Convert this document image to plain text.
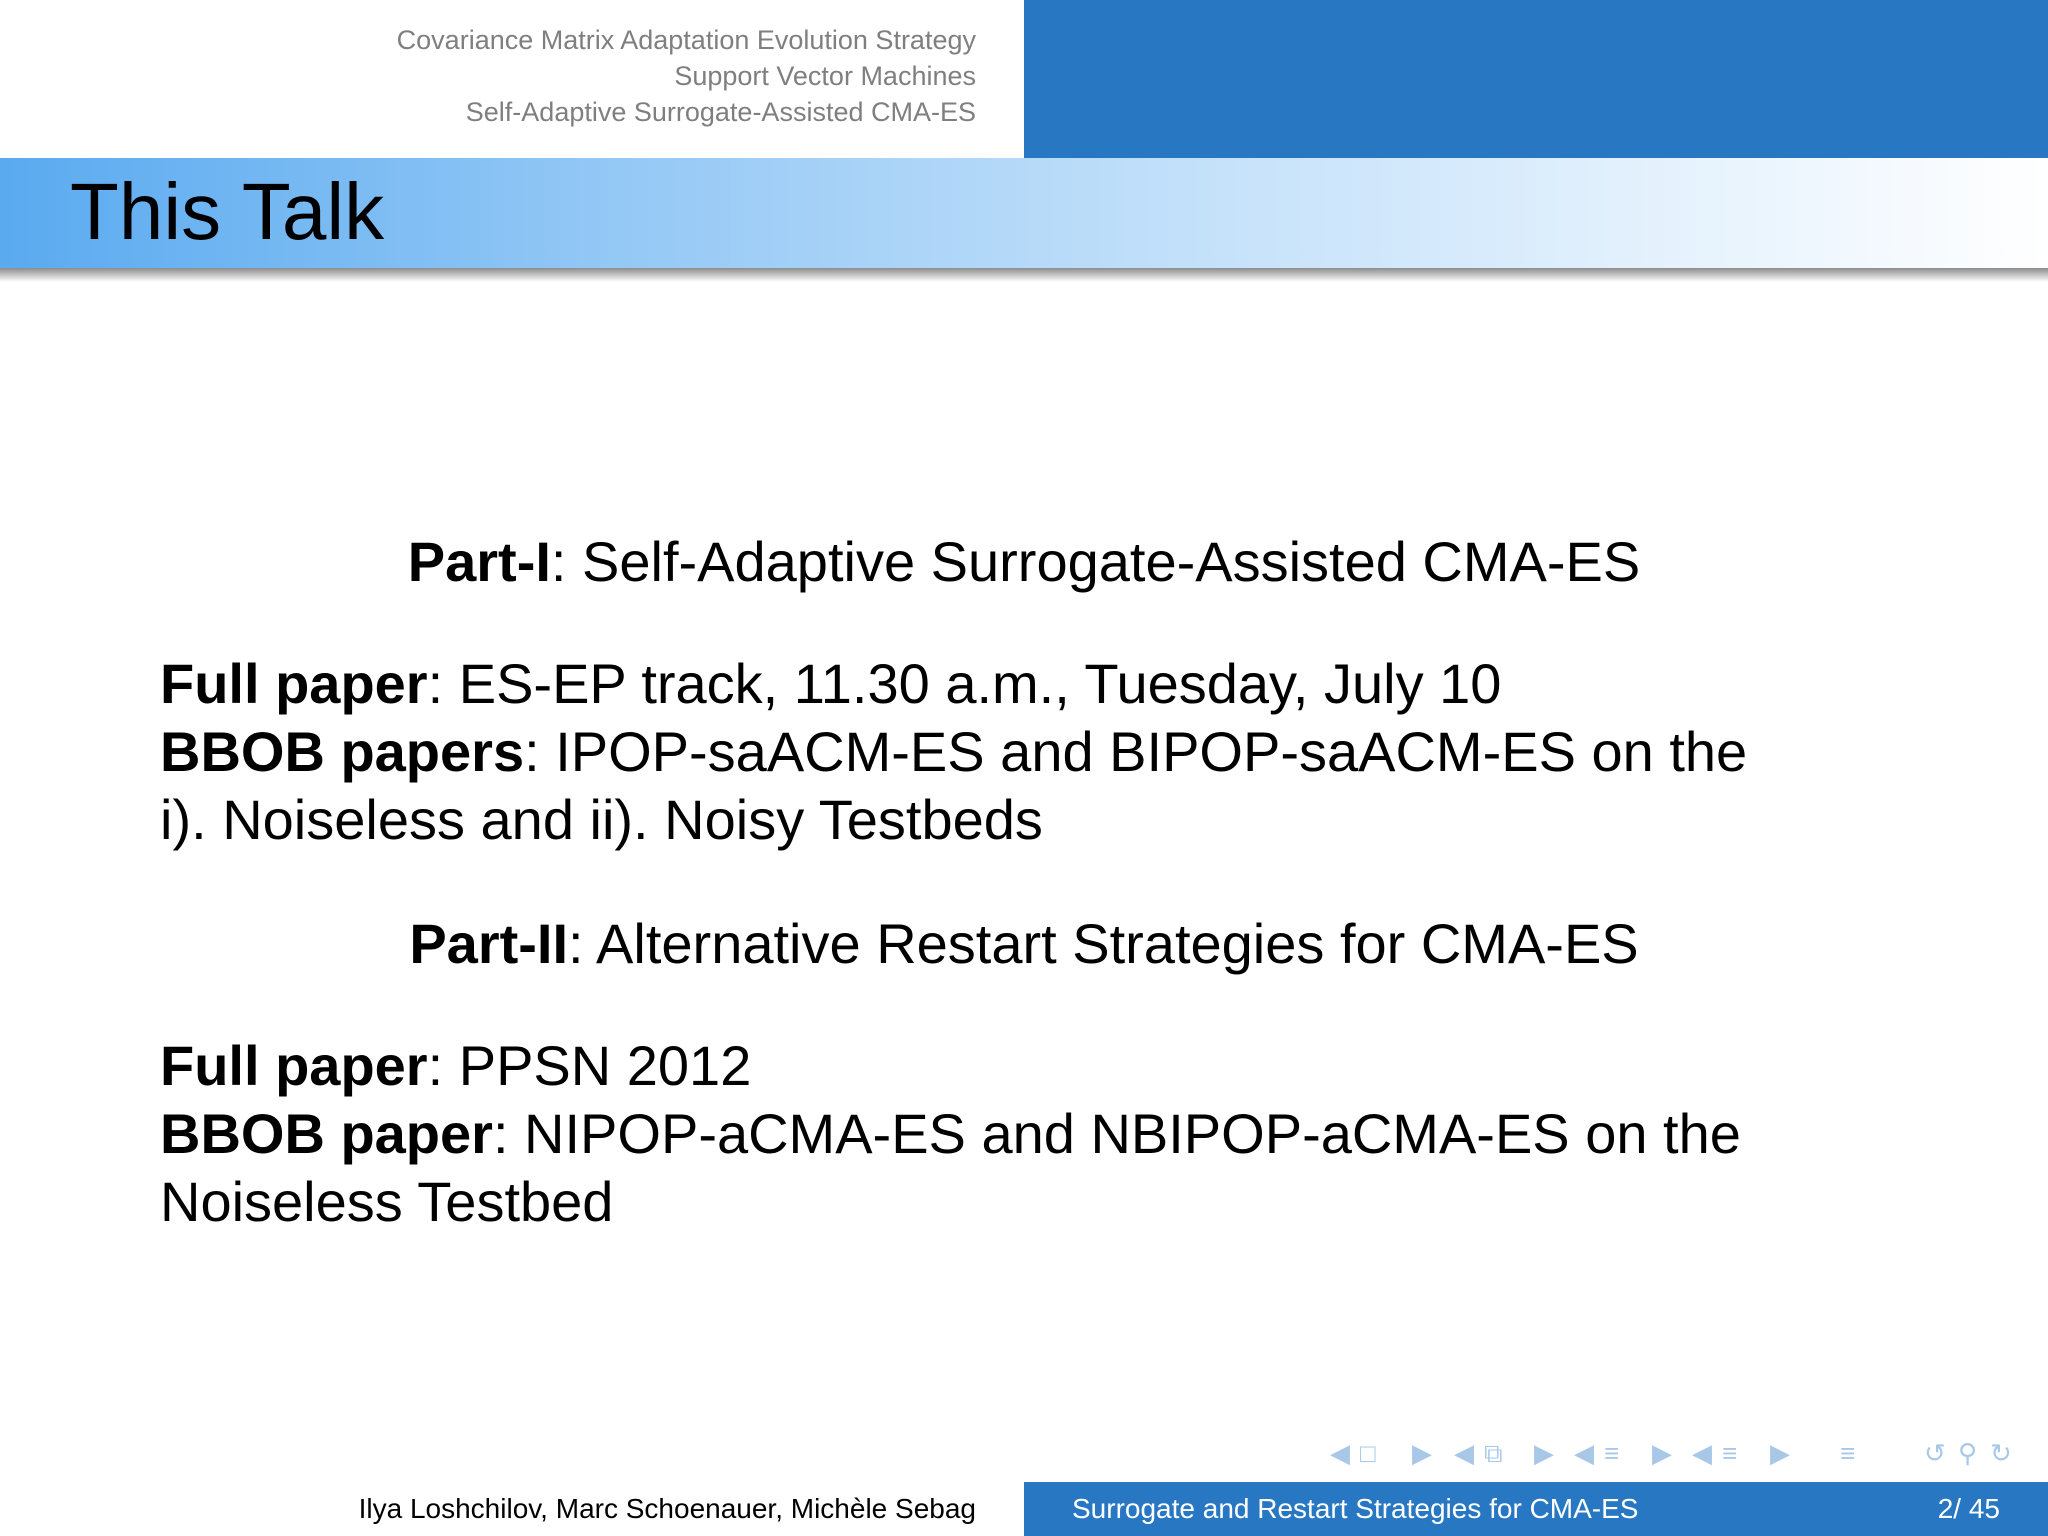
Covariance Matrix Adaptation Evolution Strategy
Support Vector Machines
Self-Adaptive Surrogate-Assisted CMA-ES
This Talk
Part-I: Self-Adaptive Surrogate-Assisted CMA-ES
Full paper: ES-EP track, 11.30 a.m., Tuesday, July 10
BBOB papers: IPOP-saACM-ES and BIPOP-saACM-ES on the
i). Noiseless and ii). Noisy Testbeds
Part-II: Alternative Restart Strategies for CMA-ES
Full paper: PPSN 2012
BBOB paper: NIPOP-aCMA-ES and NBIPOP-aCMA-ES on the
Noiseless Testbed
◀ □ ▶ ◀ ⧉ ▶ ◀ ≡ ▶ ◀ ≡ ▶ ≡	↺ ⚲ ↻
Ilya Loshchilov, Marc Schoenauer, Michèle Sebag	Surrogate and Restart Strategies for CMA-ES	2/ 45
